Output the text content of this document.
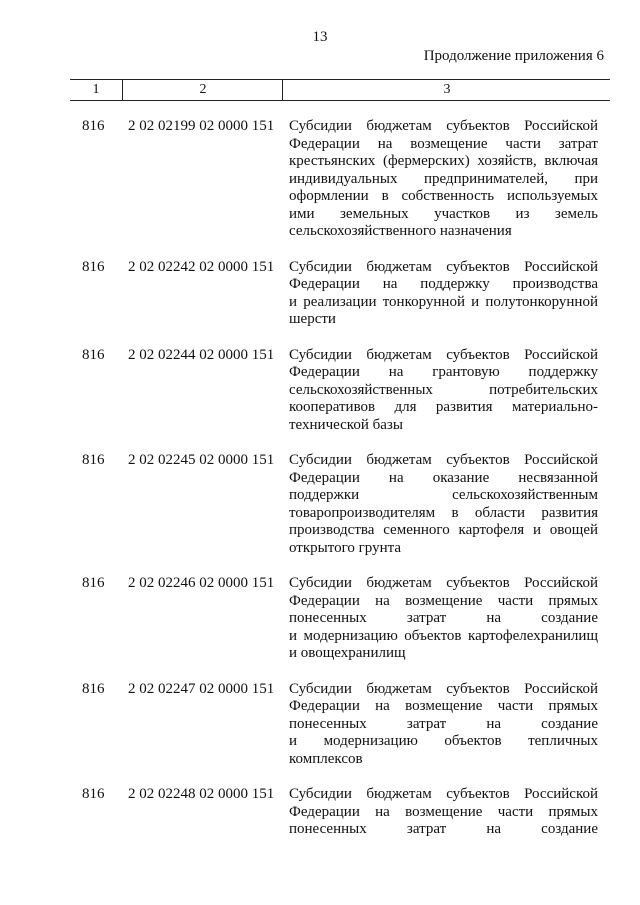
13
Продолжение приложения 6
1	2	3
816 2 02 02199 02 0000 151 Субсидии бюджетам субъектов Российской
Федерации на возмещение части затрат
крестьянских (фермерских) хозяйств, включая
индивидуальных предпринимателей, при
оформлении в собственность используемых
ими земельных участков из земель
сельскохозяйственного назначения
816 2 02 02242 02 0000 151 Субсидии бюджетам субъектов Российской
Федерации на поддержку производства
и реализации тонкорунной и полутонкорунной
шерсти
816 2 02 02244 02 0000 151 Субсидии бюджетам субъектов Российской
Федерации на грантовую поддержку
сельскохозяйственных потребительских
кооперативов для развития материально-
технической базы
816 2 02 02245 02 0000 151 Субсидии бюджетам субъектов Российской
Федерации на оказание несвязанной
поддержки сельскохозяйственным
товаропроизводителям в области развития
производства семенного картофеля и овощей
открытого грунта
816 2 02 02246 02 0000 151 Субсидии бюджетам субъектов Российской
Федерации на возмещение части прямых
понесенных затрат на создание
и модернизацию объектов картофелехранилищ
и овощехранилищ
816 2 02 02247 02 0000 151 Субсидии бюджетам субъектов Российской
Федерации на возмещение части прямых
понесенных затрат на создание
и модернизацию объектов тепличных
комплексов
816 2 02 02248 02 0000 151 Субсидии бюджетам субъектов Российской
Федерации на возмещение части прямых
понесенных затрат на создание
